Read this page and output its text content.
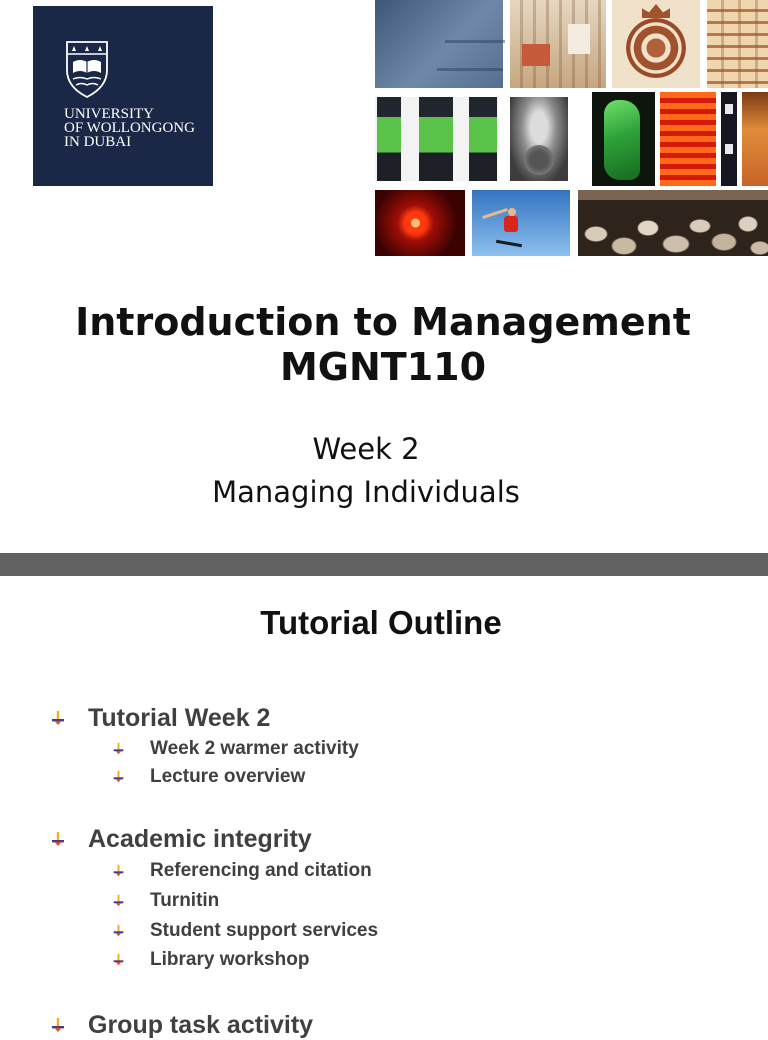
UNIVERSITY
OF WOLLONGONG
IN DUBAI
Introduction to Management
MGNT110
Week 2
Managing Individuals
Tutorial Outline
Tutorial Week 2
Week 2 warmer activity
Lecture overview
Academic integrity
Referencing and citation
Turnitin
Student support services
Library workshop
Group task activity
